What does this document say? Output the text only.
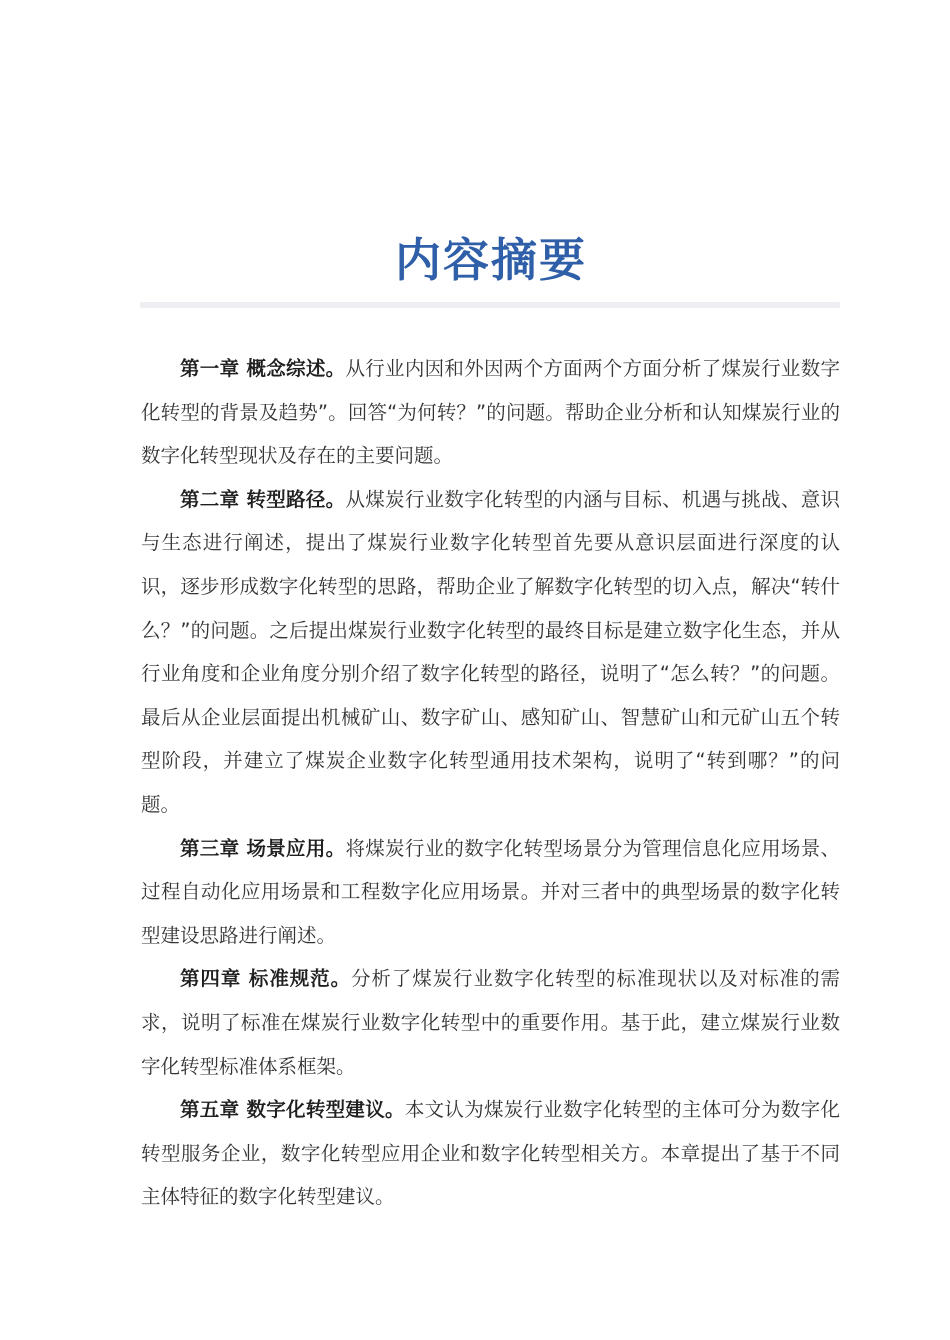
内容摘要

第一章 概念综述。从行业内因和外因两个方面两个方面分析了煤炭行业数字化转型的背景及趋势”。回答“为何转？”的问题。帮助企业分析和认知煤炭行业的数字化转型现状及存在的主要问题。

第二章 转型路径。从煤炭行业数字化转型的内涵与目标、机遇与挑战、意识与生态进行阐述，提出了煤炭行业数字化转型首先要从意识层面进行深度的认识，逐步形成数字化转型的思路，帮助企业了解数字化转型的切入点，解决“转什么？”的问题。之后提出煤炭行业数字化转型的最终目标是建立数字化生态，并从行业角度和企业角度分别介绍了数字化转型的路径，说明了“怎么转？”的问题。最后从企业层面提出机械矿山、数字矿山、感知矿山、智慧矿山和元矿山五个转型阶段，并建立了煤炭企业数字化转型通用技术架构，说明了“转到哪？”的问题。

第三章 场景应用。将煤炭行业的数字化转型场景分为管理信息化应用场景、过程自动化应用场景和工程数字化应用场景。并对三者中的典型场景的数字化转型建设思路进行阐述。

第四章 标准规范。分析了煤炭行业数字化转型的标准现状以及对标准的需求，说明了标准在煤炭行业数字化转型中的重要作用。基于此，建立煤炭行业数字化转型标准体系框架。

第五章 数字化转型建议。本文认为煤炭行业数字化转型的主体可分为数字化转型服务企业，数字化转型应用企业和数字化转型相关方。本章提出了基于不同主体特征的数字化转型建议。
